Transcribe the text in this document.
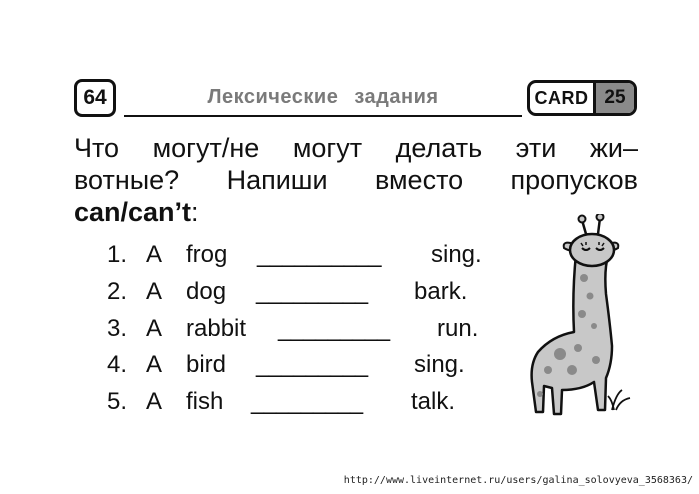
64	Лексические задания	CARD 25
Что могут/не могут делать эти жи–
вотные? Напиши вместо пропусков
can/can’t:
1. A frog __________ sing.
2. A dog _________ bark.
3. A rabbit _________ run.
4. A bird _________ sing.
5. A fish _________ talk.
http://www.liveinternet.ru/users/galina_solovyeva_3568363/
